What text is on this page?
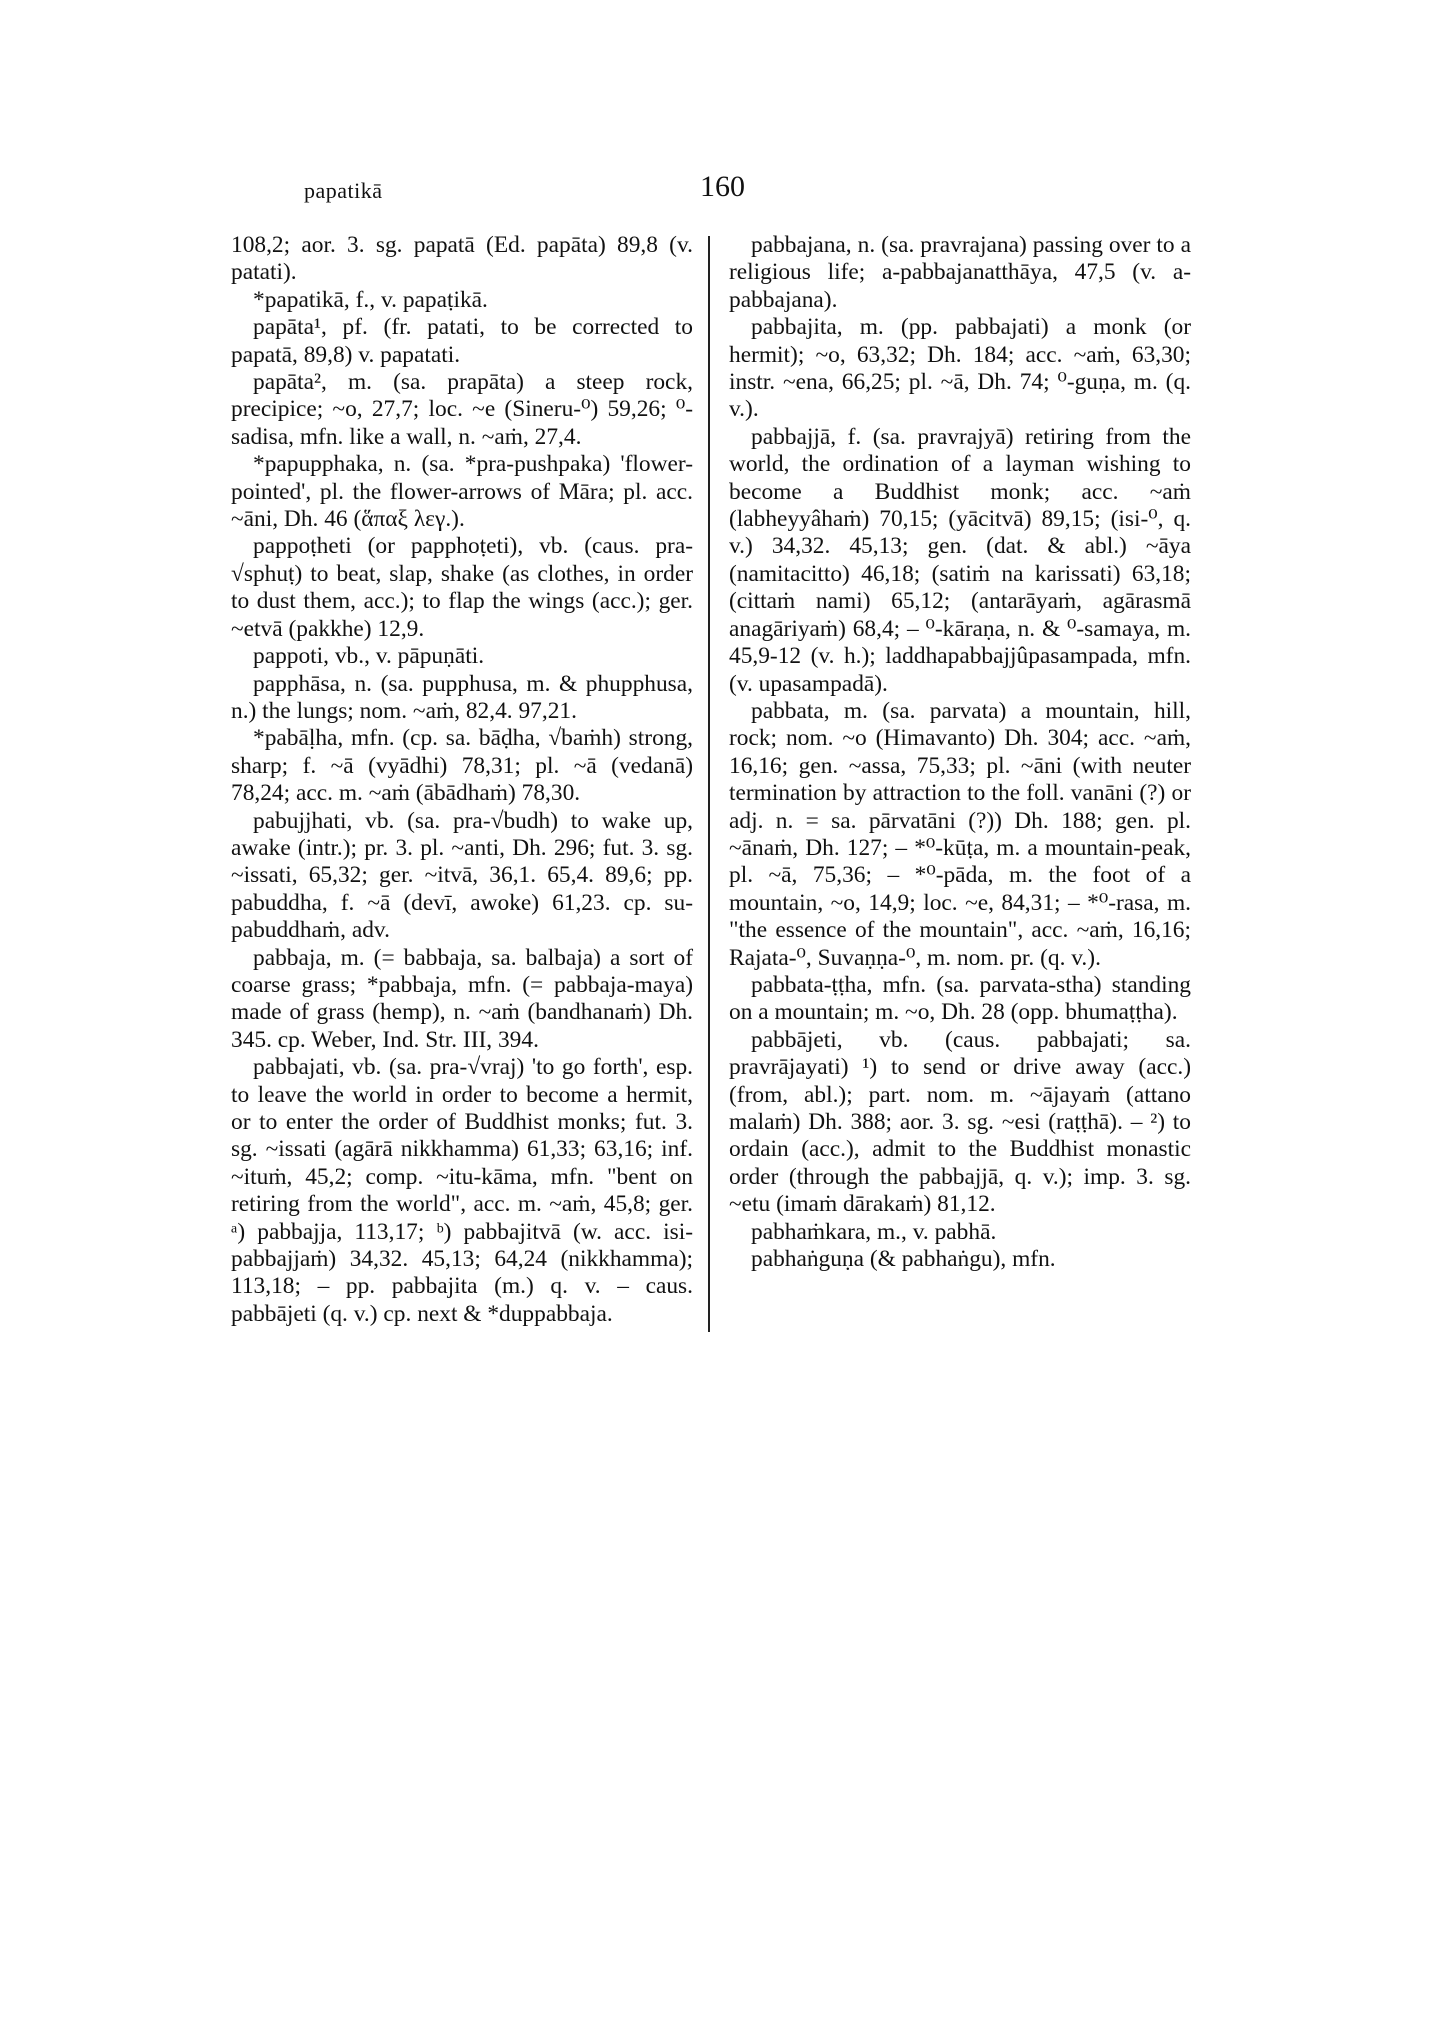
papatikā	160

108,2; aor. 3. sg. papatā (Ed. papāta) 89,8 (v. patati).

*papatikā, f., v. papaṭikā.

papāta¹, pf. (fr. patati, to be corrected to papatā, 89,8) v. papatati.

papāta², m. (sa. prapāta) a steep rock, precipice; ~o, 27,7; loc. ~e (Sineru-⁰) 59,26; ⁰-sadisa, mfn. like a wall, n. ~aṁ, 27,4.

*papupphaka, n. (sa. *pra-pushpaka) 'flower-pointed', pl. the flower-arrows of Māra; pl. acc. ~āni, Dh. 46 (ἅπαξ λεγ.).

pappoṭheti (or papphoṭeti), vb. (caus. pra-√sphuṭ) to beat, slap, shake (as clothes, in order to dust them, acc.); to flap the wings (acc.); ger. ~etvā (pakkhe) 12,9.

pappoti, vb., v. pāpuṇāti.

papphāsa, n. (sa. pupphusa, m. & phupphusa, n.) the lungs; nom. ~aṁ, 82,4. 97,21.

*pabāḷha, mfn. (cp. sa. bāḍha, √baṁh) strong, sharp; f. ~ā (vyādhi) 78,31; pl. ~ā (vedanā) 78,24; acc. m. ~aṁ (ābādhaṁ) 78,30.

pabujjhati, vb. (sa. pra-√budh) to wake up, awake (intr.); pr. 3. pl. ~anti, Dh. 296; fut. 3. sg. ~issati, 65,32; ger. ~itvā, 36,1. 65,4. 89,6; pp. pabuddha, f. ~ā (devī, awoke) 61,23. cp. su-pabuddhaṁ, adv.

pabbaja, m. (= babbaja, sa. balbaja) a sort of coarse grass; *pabbaja, mfn. (= pabbaja-maya) made of grass (hemp), n. ~aṁ (bandhanaṁ) Dh. 345. cp. Weber, Ind. Str. III, 394.

pabbajati, vb. (sa. pra-√vraj) 'to go forth', esp. to leave the world in order to become a hermit, or to enter the order of Buddhist monks; fut. 3. sg. ~issati (agārā nikkhamma) 61,33; 63,16; inf. ~ituṁ, 45,2; comp. ~itu-kāma, mfn. "bent on retiring from the world", acc. m. ~aṁ, 45,8; ger. ᵃ) pabbajja, 113,17; ᵇ) pabbajitvā (w. acc. isi-pabbajjaṁ) 34,32. 45,13; 64,24 (nikkhamma); 113,18; – pp. pabbajita (m.) q. v. – caus. pabbājeti (q. v.) cp. next & *duppabbaja.

pabbajana, n. (sa. pravrajana) passing over to a religious life; a-pabbajanatthāya, 47,5 (v. a-pabbajana).

pabbajita, m. (pp. pabbajati) a monk (or hermit); ~o, 63,32; Dh. 184; acc. ~aṁ, 63,30; instr. ~ena, 66,25; pl. ~ā, Dh. 74; ⁰-guṇa, m. (q. v.).

pabbajjā, f. (sa. pravrajyā) retiring from the world, the ordination of a layman wishing to become a Buddhist monk; acc. ~aṁ (labheyyâhaṁ) 70,15; (yācitvā) 89,15; (isi-⁰, q. v.) 34,32. 45,13; gen. (dat. & abl.) ~āya (namitacitto) 46,18; (satiṁ na karissati) 63,18; (cittaṁ nami) 65,12; (antarāyaṁ, agārasmā anagāriyaṁ) 68,4; – ⁰-kāraṇa, n. & ⁰-samaya, m. 45,9-12 (v. h.); laddhapabbajjûpasampada, mfn. (v. upasampadā).

pabbata, m. (sa. parvata) a mountain, hill, rock; nom. ~o (Himavanto) Dh. 304; acc. ~aṁ, 16,16; gen. ~assa, 75,33; pl. ~āni (with neuter termination by attraction to the foll. vanāni (?) or adj. n. = sa. pārvatāni (?)) Dh. 188; gen. pl. ~ānaṁ, Dh. 127; – *⁰-kūṭa, m. a mountain-peak, pl. ~ā, 75,36; – *⁰-pāda, m. the foot of a mountain, ~o, 14,9; loc. ~e, 84,31; – *⁰-rasa, m. "the essence of the mountain", acc. ~aṁ, 16,16; Rajata-⁰, Suvaṇṇa-⁰, m. nom. pr. (q. v.).

pabbata-ṭṭha, mfn. (sa. parvata-stha) standing on a mountain; m. ~o, Dh. 28 (opp. bhumaṭṭha).

pabbājeti, vb. (caus. pabbajati; sa. pravrājayati) ¹) to send or drive away (acc.) (from, abl.); part. nom. m. ~ājayaṁ (attano malaṁ) Dh. 388; aor. 3. sg. ~esi (raṭṭhā). – ²) to ordain (acc.), admit to the Buddhist monastic order (through the pabbajjā, q. v.); imp. 3. sg. ~etu (imaṁ dārakaṁ) 81,12.

pabhaṁkara, m., v. pabhā.

pabhaṅguṇa (& pabhaṅgu), mfn.
